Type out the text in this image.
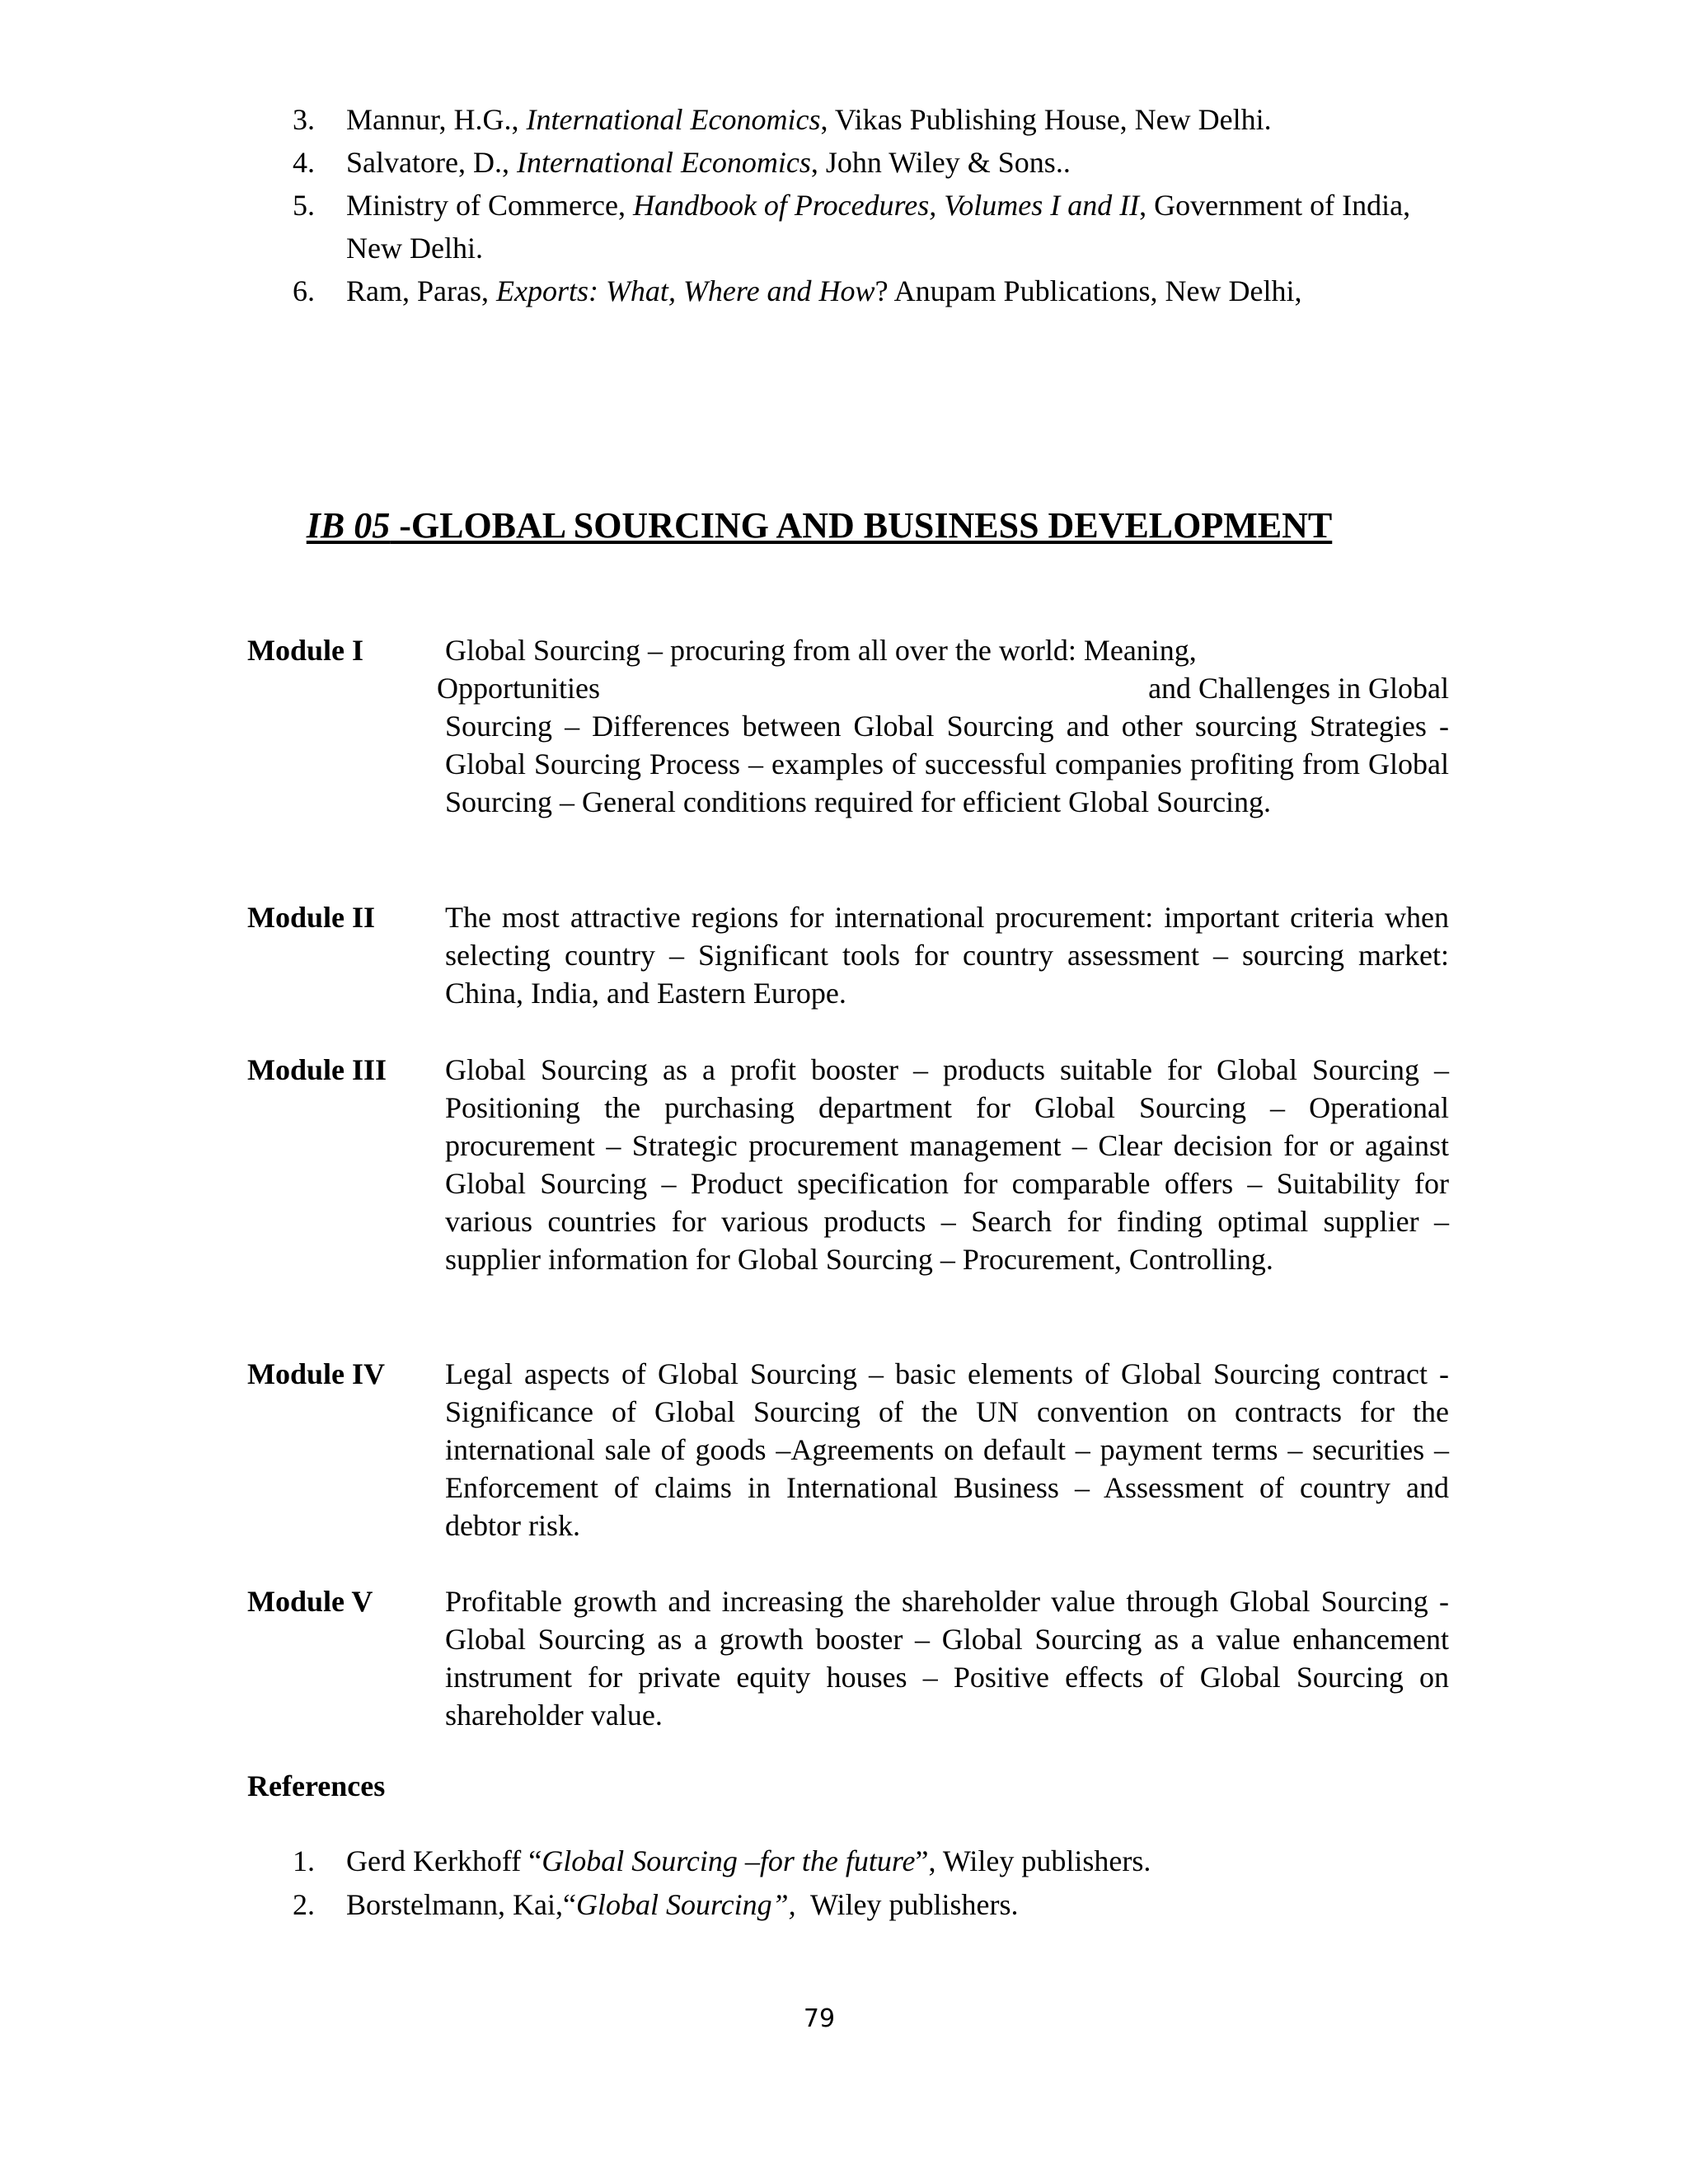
3. Mannur, H.G., International Economics, Vikas Publishing House, New Delhi.
4. Salvatore, D., International Economics, John Wiley & Sons..
5. Ministry of Commerce, Handbook of Procedures, Volumes I and II, Government of India, New Delhi.
6. Ram, Paras, Exports: What, Where and How? Anupam Publications, New Delhi,
IB 05 -GLOBAL SOURCING AND BUSINESS DEVELOPMENT
Module I	Global Sourcing – procuring from all over the world: Meaning,
Opportunities	and Challenges in Global
Sourcing – Differences between Global Sourcing and other sourcing Strategies - Global Sourcing Process – examples of successful companies profiting from Global Sourcing – General conditions required for efficient Global Sourcing.
Module II The most attractive regions for international procurement: important criteria when selecting country – Significant tools for country assessment – sourcing market: China, India, and Eastern Europe.
Module III Global Sourcing as a profit booster – products suitable for Global Sourcing – Positioning the purchasing department for Global Sourcing – Operational procurement – Strategic procurement management – Clear decision for or against Global Sourcing – Product specification for comparable offers – Suitability for various countries for various products – Search for finding optimal supplier – supplier information for Global Sourcing – Procurement, Controlling.
Module IV Legal aspects of Global Sourcing – basic elements of Global Sourcing contract - Significance of Global Sourcing of the UN convention on contracts for the international sale of goods –Agreements on default – payment terms – securities – Enforcement of claims in International Business – Assessment of country and debtor risk.
Module V Profitable growth and increasing the shareholder value through Global Sourcing - Global Sourcing as a growth booster – Global Sourcing as a value enhancement instrument for private equity houses – Positive effects of Global Sourcing on shareholder value.
References
1. Gerd Kerkhoff “Global Sourcing –for the future”, Wiley publishers.
2. Borstelmann, Kai,“Global Sourcing”,  Wiley publishers.
79
